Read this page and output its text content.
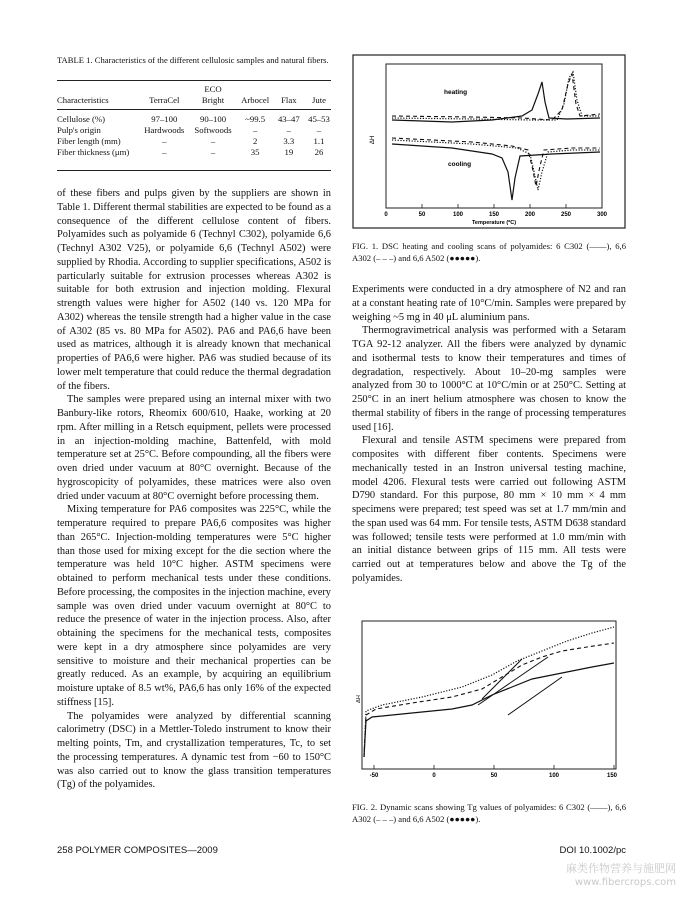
TABLE 1. Characteristics of the different cellulosic samples and natural fibers.
		ECO			
Characteristics	TerraCel	Bright	Arbocel	Flax	Jute

Cellulose (%)	97–100	90–100	~99.5	43–47	45–53
Pulp's origin	Hardwoods	Softwoods	–	–	–
Fiber length (mm)	–	–	2	3.3	1.1
Fiber thickness (μm)	–	–	35	19	26

of these fibers and pulps given by the suppliers are shown in Table 1. Different thermal stabilities are expected to be found as a consequence of the different cellulose content of fibers. Polyamides such as polyamide 6 (Technyl C302), polyamide 6,6 (Technyl A302 V25), or polyamide 6,6 (Technyl A502) were supplied by Rhodia. According to supplier specifications, A502 is particularly suitable for extrusion processes whereas A302 is suitable for both extrusion and injection molding. Flexural strength values were higher for A502 (140 vs. 120 MPa for A302) whereas the tensile strength had a higher value in the case of A302 (85 vs. 80 MPa for A502). PA6 and PA6,6 have been used as matrices, although it is already known that mechanical properties of PA6,6 were higher. PA6 was studied because of its lower melt temperature that could reduce the thermal degradation of the fibers.

The samples were prepared using an internal mixer with two Banbury-like rotors, Rheomix 600/610, Haake, working at 20 rpm. After milling in a Retsch equipment, pellets were processed in an injection-molding machine, Battenfeld, with mold temperature set at 25°C. Before compounding, all the fibers were oven dried under vacuum at 80°C overnight. Because of the hygroscopicity of polyamides, these matrices were also oven dried under vacuum at 80°C overnight before processing them.

Mixing temperature for PA6 composites was 225°C, while the temperature required to prepare PA6,6 composites was higher than 265°C. Injection-molding temperatures were 5°C higher than those used for mixing except for the die section where the temperature was held 10°C higher. ASTM specimens were obtained to perform mechanical tests under these conditions. Before processing, the composites in the injection machine, every sample was oven dried under vacuum overnight at 80°C to reduce the presence of water in the injection process. Also, after obtaining the specimens for the mechanical tests, composites were kept in a dry atmosphere since polyamides are very sensitive to moisture and their mechanical properties can be greatly reduced. As an example, by acquiring an equilibrium moisture uptake of 8.5 wt%, PA6,6 has only 16% of the expected stiffness [15].

The polyamides were analyzed by differential scanning calorimetry (DSC) in a Mettler-Toledo instrument to know their melting points, Tm, and crystallization temperatures, Tc, to set the processing temperatures. A dynamic test from −60 to 150°C was also carried out to know the glass transition temperatures (Tg) of the polyamides.

0	50	100	150	200	250	300
Temperature (ºC)
ΔH
heating
cooling
FIG. 1. DSC heating and cooling scans of polyamides: 6 C302 (——), 6,6 A302 (– – –) and 6,6 A502 (●●●●●).

Experiments were conducted in a dry atmosphere of N2 and ran at a constant heating rate of 10°C/min. Samples were prepared by weighing ~5 mg in 40 μL aluminium pans.

Thermogravimetrical analysis was performed with a Setaram TGA 92-12 analyzer. All the fibers were analyzed by dynamic and isothermal tests to know their temperatures and times of degradation, respectively. About 10–20-mg samples were analyzed from 30 to 1000°C at 10°C/min or at 250°C. Setting at 250°C in an inert helium atmosphere was chosen to know the thermal stability of fibers in the range of processing temperatures used [16].

Flexural and tensile ASTM specimens were prepared from composites with different fiber contents. Specimens were mechanically tested in an Instron universal testing machine, model 4206. Flexural tests were carried out following ASTM D790 standard. For this purpose, 80 mm × 10 mm × 4 mm specimens were prepared; test speed was set at 1.7 mm/min and the span used was 64 mm. For tensile tests, ASTM D638 standard was followed; tensile tests were performed at 1.0 mm/min with an initial distance between grips of 115 mm. All tests were carried out at temperatures below and above the Tg of the polyamides.

-50	0	50	100	150
ΔH
FIG. 2. Dynamic scans showing Tg values of polyamides: 6 C302 (——), 6,6 A302 (– – –) and 6,6 A502 (●●●●●).
258 POLYMER COMPOSITES—2009	DOI 10.1002/pc
麻类作物营养与施肥网
www.fibercrops.com
